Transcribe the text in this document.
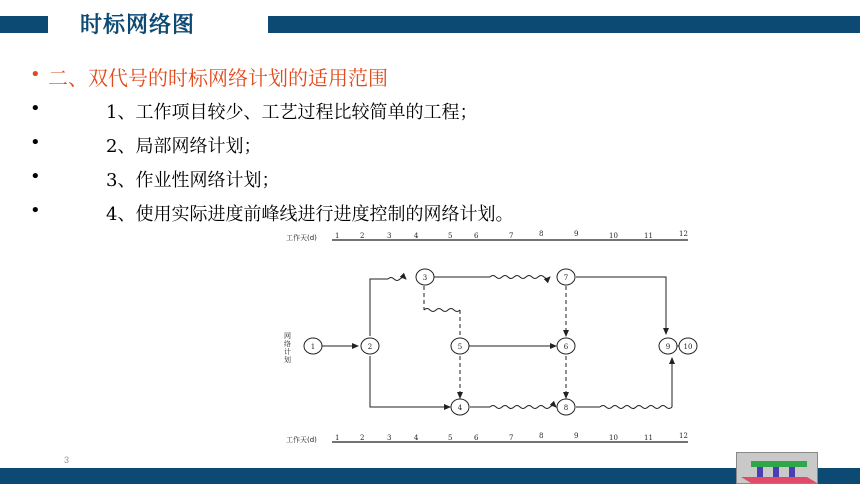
时标网络图
• 二、双代号的时标网络计划的适用范围
•	1、工作项目较少、工艺过程比较简单的工程；
•	2、局部网络计划；
•	3、作业性网络计划；
•	4、使用实际进度前峰线进行进度控制的网络计划。
工作天(d)	1	2	3	4	5	6	7	8	9	10	11	12
网
络
计
划
1	2
3
4
5	6
7
8
9 10
工作天(d)	1	2	3	4	5	6	7	8	9	10	11	12
3
